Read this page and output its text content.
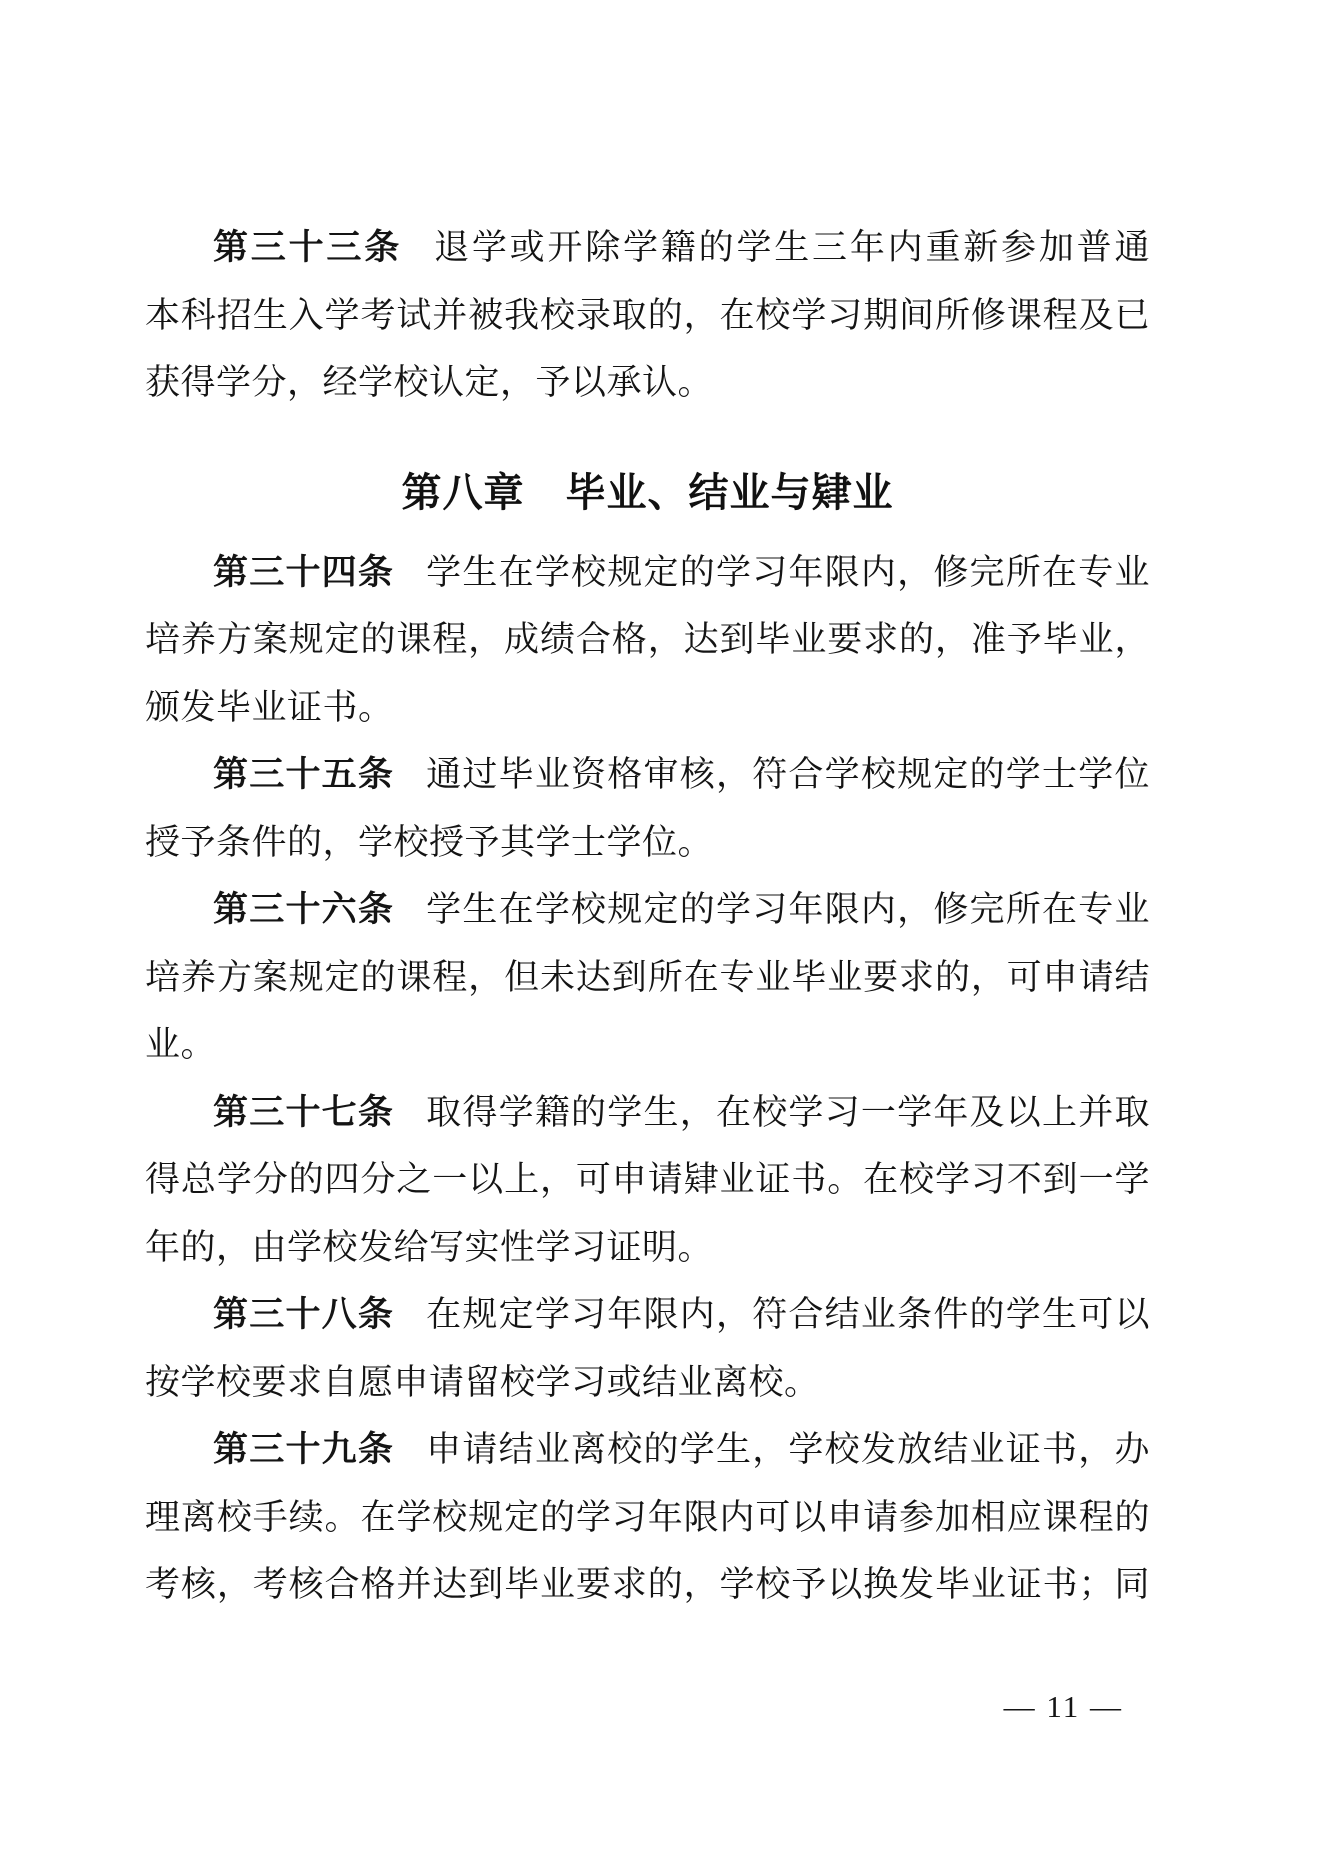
第三十三条 退学或开除学籍的学生三年内重新参加普通
本科招生入学考试并被我校录取的，在校学习期间所修课程及已
获得学分，经学校认定，予以承认。
第八章　毕业、结业与肄业
第三十四条 学生在学校规定的学习年限内，修完所在专业
培养方案规定的课程，成绩合格，达到毕业要求的，准予毕业，
颁发毕业证书。
第三十五条 通过毕业资格审核，符合学校规定的学士学位
授予条件的，学校授予其学士学位。
第三十六条 学生在学校规定的学习年限内，修完所在专业
培养方案规定的课程，但未达到所在专业毕业要求的，可申请结
业。
第三十七条 取得学籍的学生，在校学习一学年及以上并取
得总学分的四分之一以上，可申请肄业证书。在校学习不到一学
年的，由学校发给写实性学习证明。
第三十八条 在规定学习年限内，符合结业条件的学生可以
按学校要求自愿申请留校学习或结业离校。
第三十九条 申请结业离校的学生，学校发放结业证书，办
理离校手续。在学校规定的学习年限内可以申请参加相应课程的
考核，考核合格并达到毕业要求的，学校予以换发毕业证书；同
— 11 —
